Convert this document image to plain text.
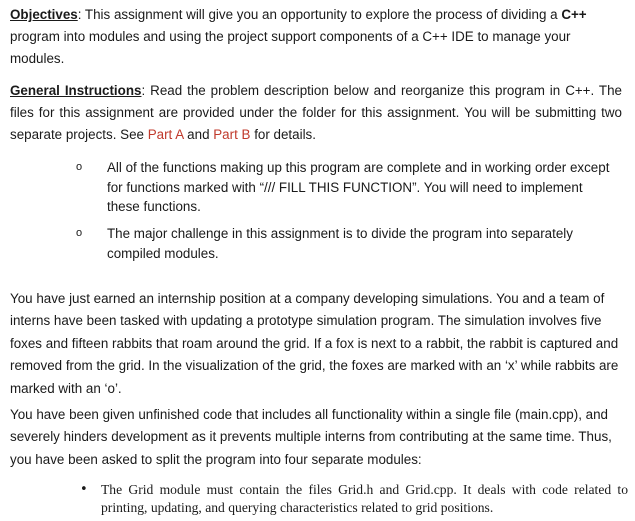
Objectives: This assignment will give you an opportunity to explore the process of dividing a C++ program into modules and using the project support components of a C++ IDE to manage your modules.

General Instructions: Read the problem description below and reorganize this program in C++. The files for this assignment are provided under the folder for this assignment. You will be submitting two separate projects. See Part A and Part B for details.

o All of the functions making up this program are complete and in working order except for functions marked with “/// FILL THIS FUNCTION”. You will need to implement these functions.
o The major challenge in this assignment is to divide the program into separately compiled modules.

You have just earned an internship position at a company developing simulations. You and a team of interns have been tasked with updating a prototype simulation program. The simulation involves five foxes and fifteen rabbits that roam around the grid. If a fox is next to a rabbit, the rabbit is captured and removed from the grid. In the visualization of the grid, the foxes are marked with an ‘x’ while rabbits are marked with an ‘o’.

You have been given unfinished code that includes all functionality within a single file (main.cpp), and severely hinders development as it prevents multiple interns from contributing at the same time. Thus, you have been asked to split the program into four separate modules:

• The Grid module must contain the files Grid.h and Grid.cpp. It deals with code related to printing, updating, and querying characteristics related to grid positions.
